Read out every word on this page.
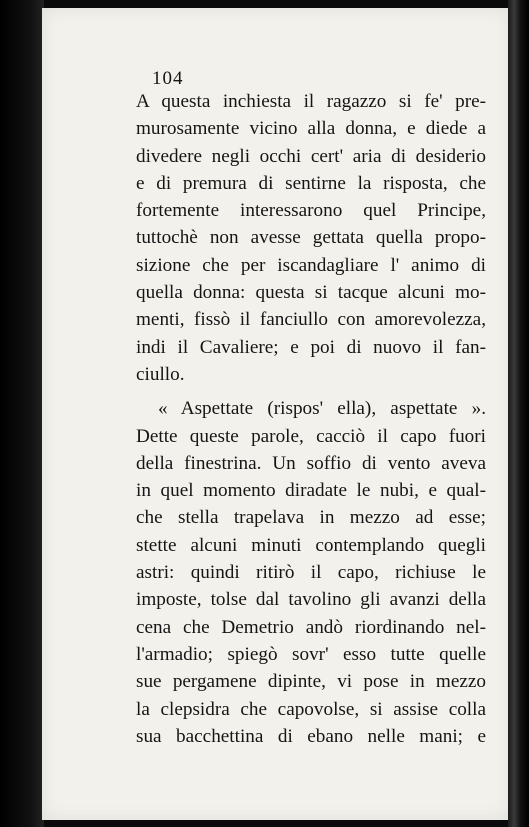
104
A questa inchiesta il ragazzo si fe' pre-
murosamente vicino alla donna, e diede a
divedere negli occhi cert' aria di desiderio
e di premura di sentirne la risposta, che
fortemente interessarono quel Principe,
tuttochè non avesse gettata quella propo-
sizione che per iscandagliare l' animo di
quella donna: questa si tacque alcuni mo-
menti, fissò il fanciullo con amorevolezza,
indi il Cavaliere; e poi di nuovo il fan-
ciullo.
« Aspettate (rispos' ella), aspettate ».
Dette queste parole, cacciò il capo fuori
della finestrina. Un soffio di vento aveva
in quel momento diradate le nubi, e qual-
che stella trapelava in mezzo ad esse;
stette alcuni minuti contemplando quegli
astri: quindi ritirò il capo, richiuse le
imposte, tolse dal tavolino gli avanzi della
cena che Demetrio andò riordinando nel-
l'armadio; spiegò sovr' esso tutte quelle
sue pergamene dipinte, vi pose in mezzo
la clepsidra che capovolse, si assise colla
sua bacchettina di ebano nelle mani; e
